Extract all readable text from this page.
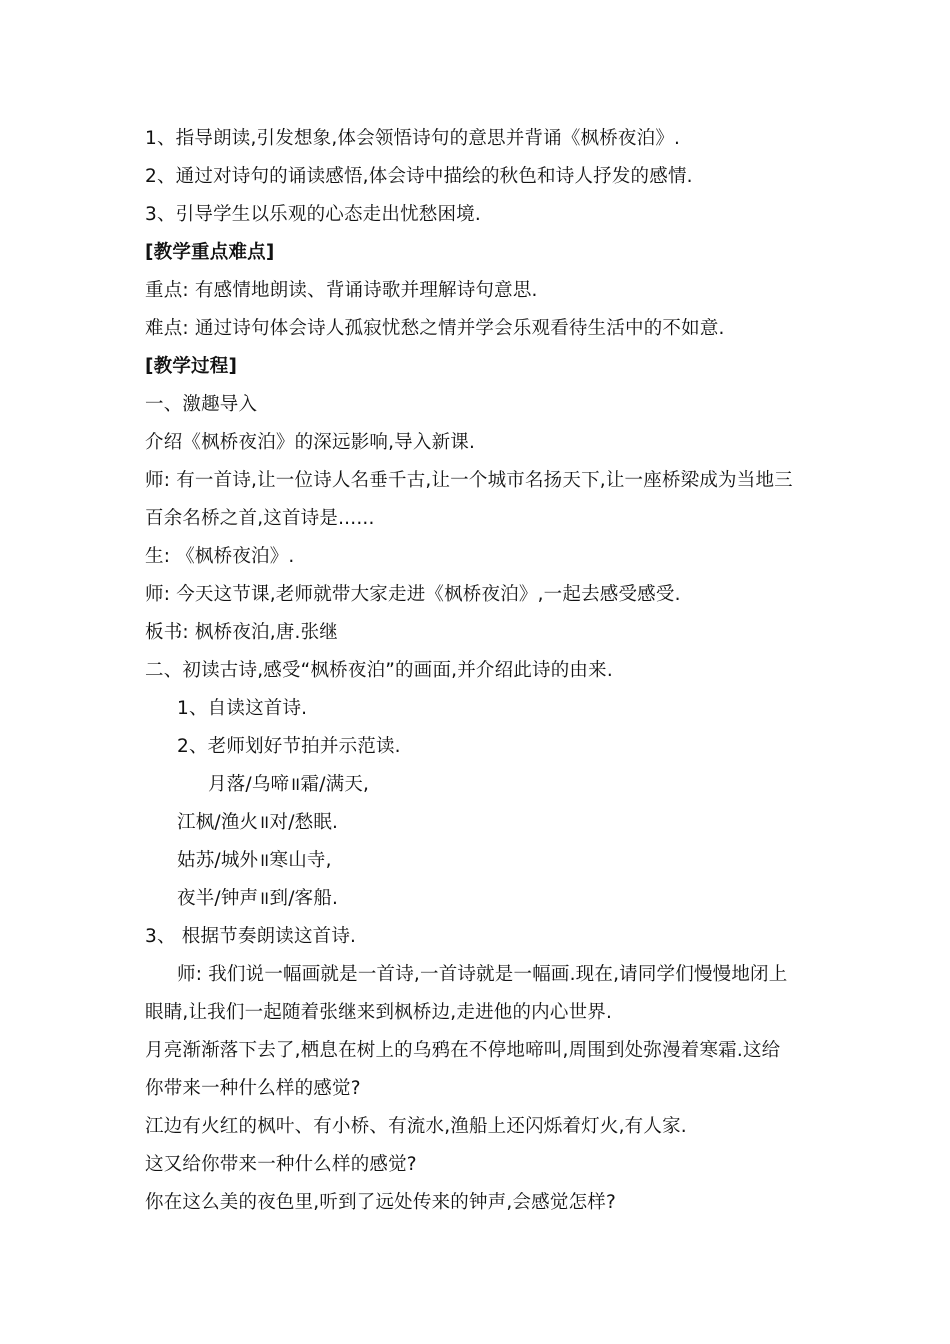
1、指导朗读,引发想象,体会领悟诗句的意思并背诵《枫桥夜泊》.
2、通过对诗句的诵读感悟,体会诗中描绘的秋色和诗人抒发的感情.
3、引导学生以乐观的心态走出忧愁困境.
[教学重点难点]
重点: 有感情地朗读、背诵诗歌并理解诗句意思.
难点: 通过诗句体会诗人孤寂忧愁之情并学会乐观看待生活中的不如意.
[教学过程]
一、激趣导入
介绍《枫桥夜泊》的深远影响,导入新课.
师: 有一首诗,让一位诗人名垂千古,让一个城市名扬天下,让一座桥梁成为当地三
百余名桥之首,这首诗是......
生: 《枫桥夜泊》.
师: 今天这节课,老师就带大家走进《枫桥夜泊》,一起去感受感受.
板书: 枫桥夜泊,唐.张继
二、初读古诗,感受“枫桥夜泊”的画面,并介绍此诗的由来.
1、自读这首诗.
2、老师划好节拍并示范读.
月落/乌啼॥霜/满天,
江枫/渔火॥对/愁眠.
姑苏/城外॥寒山寺,
夜半/钟声॥到/客船.
3、 根据节奏朗读这首诗.
师: 我们说一幅画就是一首诗,一首诗就是一幅画.现在,请同学们慢慢地闭上
眼睛,让我们一起随着张继来到枫桥边,走进他的内心世界.
月亮渐渐落下去了,栖息在树上的乌鸦在不停地啼叫,周围到处弥漫着寒霜.这给
你带来一种什么样的感觉?
江边有火红的枫叶、有小桥、有流水,渔船上还闪烁着灯火,有人家.
这又给你带来一种什么样的感觉?
你在这么美的夜色里,听到了远处传来的钟声,会感觉怎样?
